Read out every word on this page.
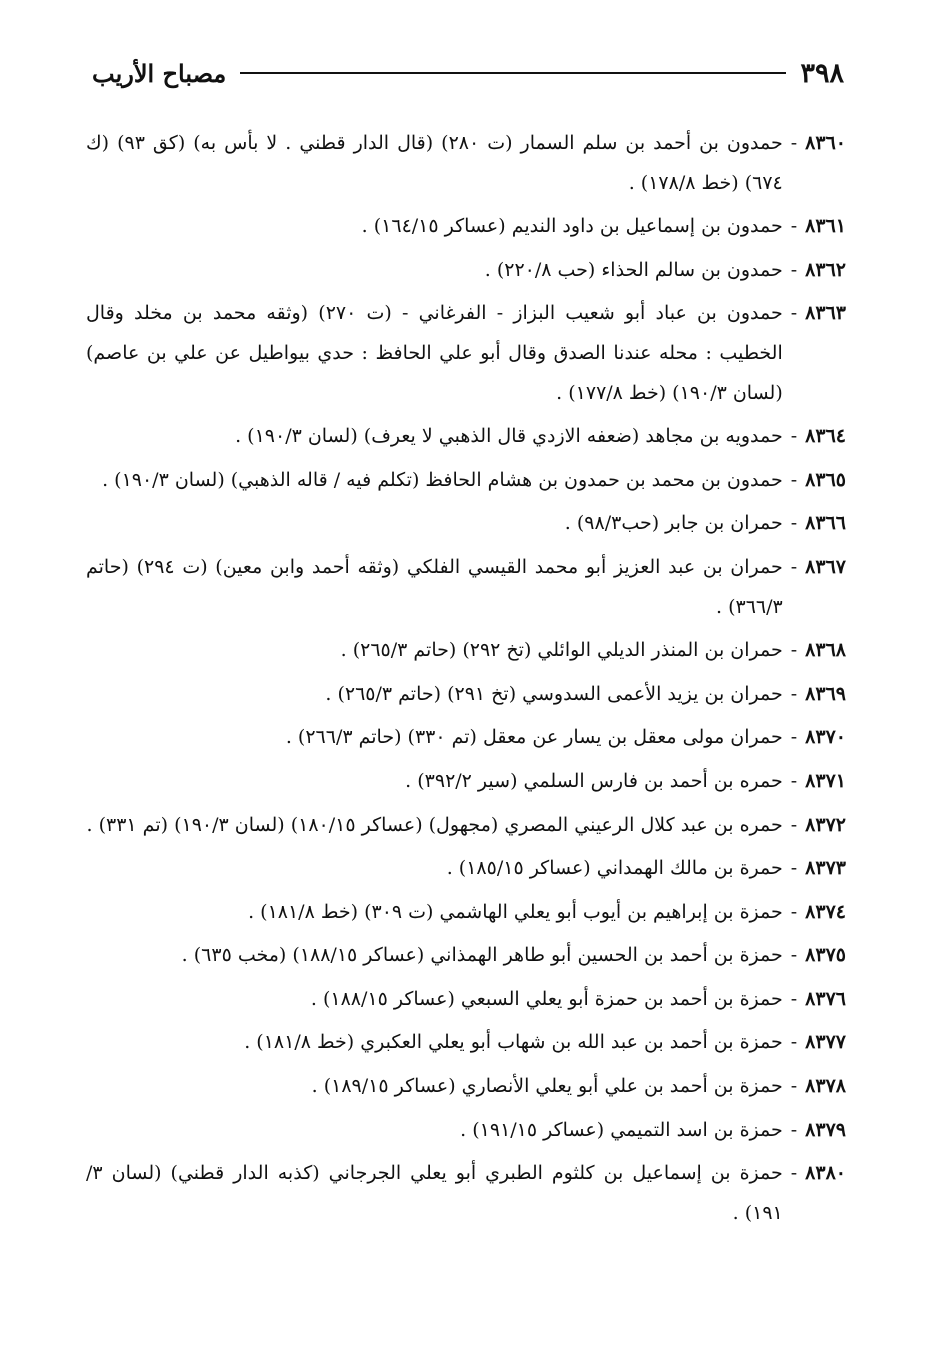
٣٩٨
مصباح الأريب
٨٣٦٠
-
حمدون بن أحمد بن سلم السمار (ت ٢٨٠) (قال الدار قطني . لا بأس به) (كق ٩٣) (ك ٦٧٤) (خط ١٧٨/٨) .
٨٣٦١
-
حمدون بن إسماعيل بن داود النديم (عساكر ١٦٤/١٥) .
٨٣٦٢
-
حمدون بن سالم الحذاء (حب ٢٢٠/٨) .
٨٣٦٣
-
حمدون بن عباد أبو شعيب البزاز - الفرغاني - (ت ٢٧٠) (وثقه محمد بن مخلد وقال الخطيب : محله عندنا الصدق وقال أبو علي الحافظ : حدي بيواطيل عن علي بن عاصم) (لسان ١٩٠/٣) (خط ١٧٧/٨) .
٨٣٦٤
-
حمدويه بن مجاهد (ضعفه الازدي قال الذهبي لا يعرف) (لسان ١٩٠/٣) .
٨٣٦٥
-
حمدون بن محمد بن حمدون بن هشام الحافظ (تكلم فيه / قاله الذهبي) (لسان ١٩٠/٣) .
٨٣٦٦
-
حمران بن جابر (حب٩٨/٣) .
٨٣٦٧
-
حمران بن عبد العزيز أبو محمد القيسي الفلكي (وثقه أحمد وابن معين) (ت ٢٩٤) (حاتم ٣٦٦/٣) .
٨٣٦٨
-
حمران بن المنذر الديلي الوائلي (تخ ٢٩٢) (حاتم ٢٦٥/٣) .
٨٣٦٩
-
حمران بن يزيد الأعمى السدوسي (تخ ٢٩١) (حاتم ٢٦٥/٣) .
٨٣٧٠
-
حمران مولى معقل بن يسار عن معقل (تم ٣٣٠) (حاتم ٢٦٦/٣) .
٨٣٧١
-
حمره بن أحمد بن فارس السلمي (سير ٣٩٢/٢) .
٨٣٧٢
-
حمره بن عبد كلال الرعيني المصري (مجهول) (عساكر ١٨٠/١٥) (لسان ١٩٠/٣) (تم ٣٣١) .
٨٣٧٣
-
حمرة بن مالك الهمداني (عساكر ١٨٥/١٥) .
٨٣٧٤
-
حمزة بن إبراهيم بن أيوب أبو يعلي الهاشمي (ت ٣٠٩) (خط ١٨١/٨) .
٨٣٧٥
-
حمزة بن أحمد بن الحسين أبو طاهر الهمذاني (عساكر ١٨٨/١٥) (مخب ٦٣٥) .
٨٣٧٦
-
حمزة بن أحمد بن حمزة أبو يعلي السبعي (عساكر ١٨٨/١٥) .
٨٣٧٧
-
حمزة بن أحمد بن عبد الله بن شهاب أبو يعلي العكبري (خط ١٨١/٨) .
٨٣٧٨
-
حمزة بن أحمد بن علي أبو يعلي الأنصاري (عساكر ١٨٩/١٥) .
٨٣٧٩
-
حمزة بن اسد التميمي (عساكر ١٩١/١٥) .
٨٣٨٠
-
حمزة بن إسماعيل بن كلثوم الطبري أبو يعلي الجرجاني (كذبه الدار قطني) (لسان ٣/ ١٩١) .
